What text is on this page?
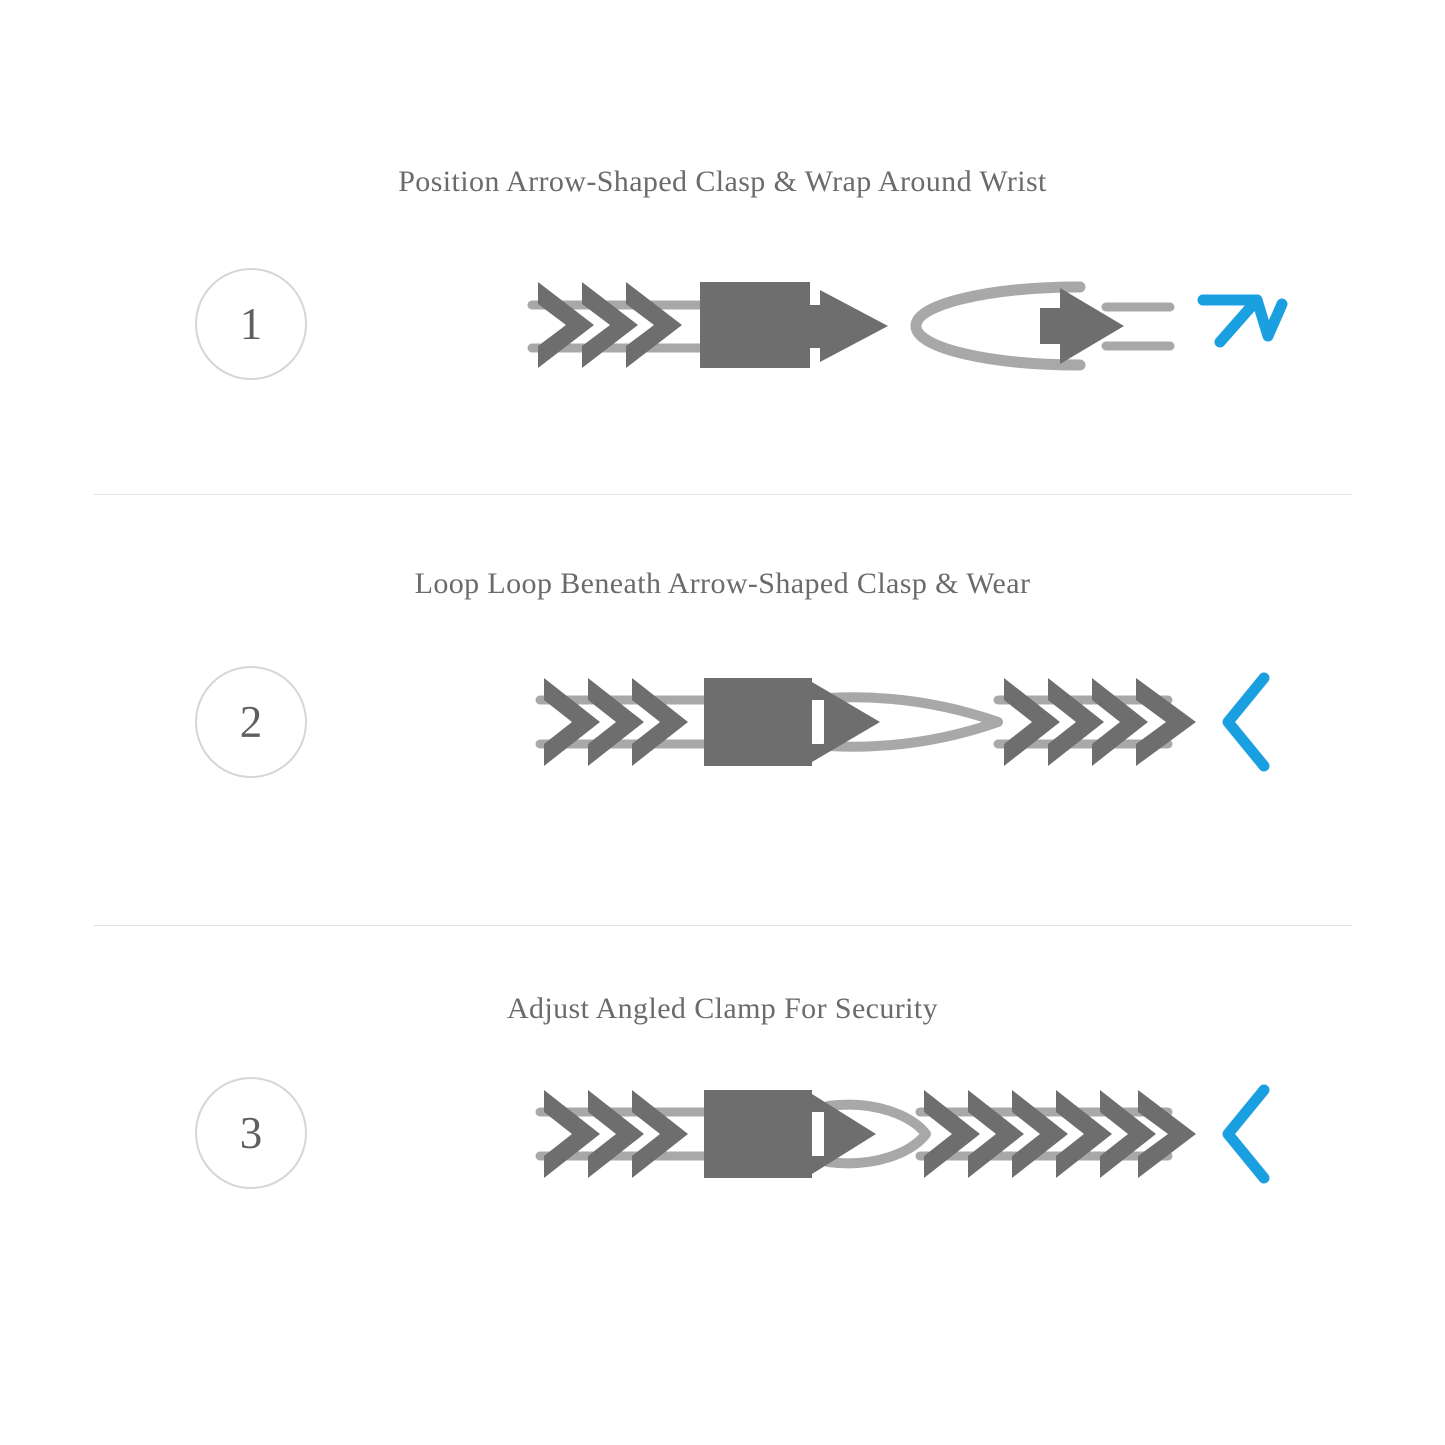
Position Arrow-Shaped Clasp & Wrap Around Wrist
1
Loop Loop Beneath Arrow-Shaped Clasp & Wear
2
Adjust Angled Clamp For Security
3
